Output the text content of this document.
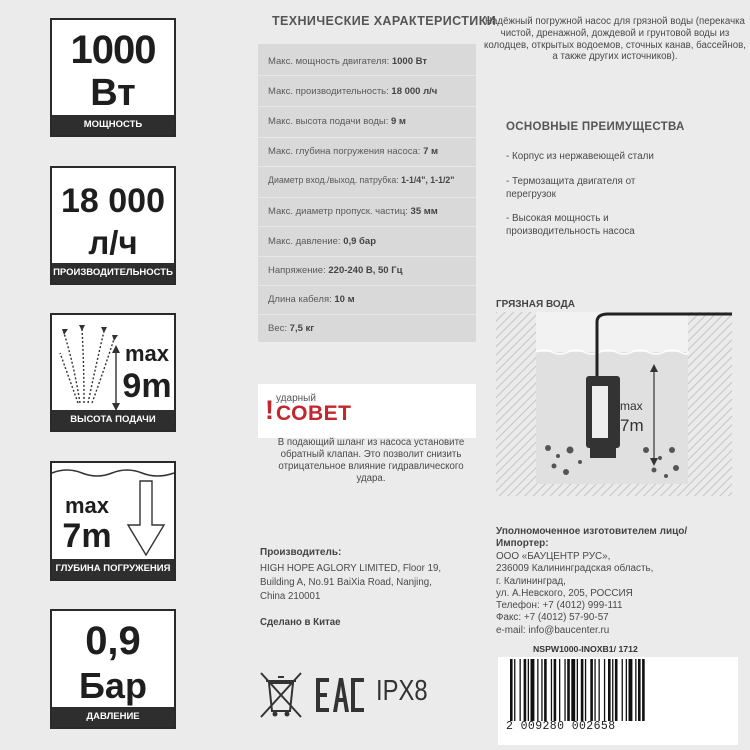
1000
Вт
МОЩНОСТЬ
18 000
л/ч
ПРОИЗВОДИТЕЛЬНОСТЬ
max
9m
ВЫСОТА ПОДАЧИ
max
7m
ГЛУБИНА ПОГРУЖЕНИЯ
0,9
Бар
ДАВЛЕНИЕ
ТЕХНИЧЕСКИЕ ХАРАКТЕРИСТИКИ
Макс. мощность двигателя: 1000 Вт
Макс. производительность: 18 000 л/ч
Макс. высота подачи воды: 9 м
Макс. глубина погружения насоса: 7 м
Диаметр вход./выход. патрубка: 1-1/4", 1-1/2"
Макс. диаметр пропуск. частиц: 35 мм
Макс. давление: 0,9 бар
Напряжение: 220-240 В, 50 Гц
Длина кабеля: 10 м
Вес: 7,5 кг
! ударный
СОВЕТ
В подающий шланг из насоса установите обратный клапан. Это позволит снизить отрицательное влияние гидравлического удара.
Производитель:
HIGH HOPE AGLORY LIMITED, Floor 19,
Building A, No.91 BaiXia Road, Nanjing,
China 210001
Сделано в Китае
IPX8
Надёжный погружной насос для грязной воды (перекачка чистой, дренажной, дождевой и грунтовой воды из колодцев, открытых водоемов, сточных канав, бассейнов, а также других источников).
ОСНОВНЫЕ ПРЕИМУЩЕСТВА
- Корпус из нержавеющей стали
- Термозащита двигателя от перегрузок
- Высокая мощность и производительность насоса
ГРЯЗНАЯ ВОДА
max
7m
Уполномоченное изготовителем лицо/ Импортер:
ООО «БАУЦЕНТР РУС»,
236009 Калининградская область,
г. Калининград,
ул. А.Невского, 205, РОССИЯ
Телефон: +7 (4012) 999-111
Факс: +7 (4012) 57-90-57
e-mail: info@baucenter.ru
NSPW1000-INOXB1/ 1712
2 009280 002658
